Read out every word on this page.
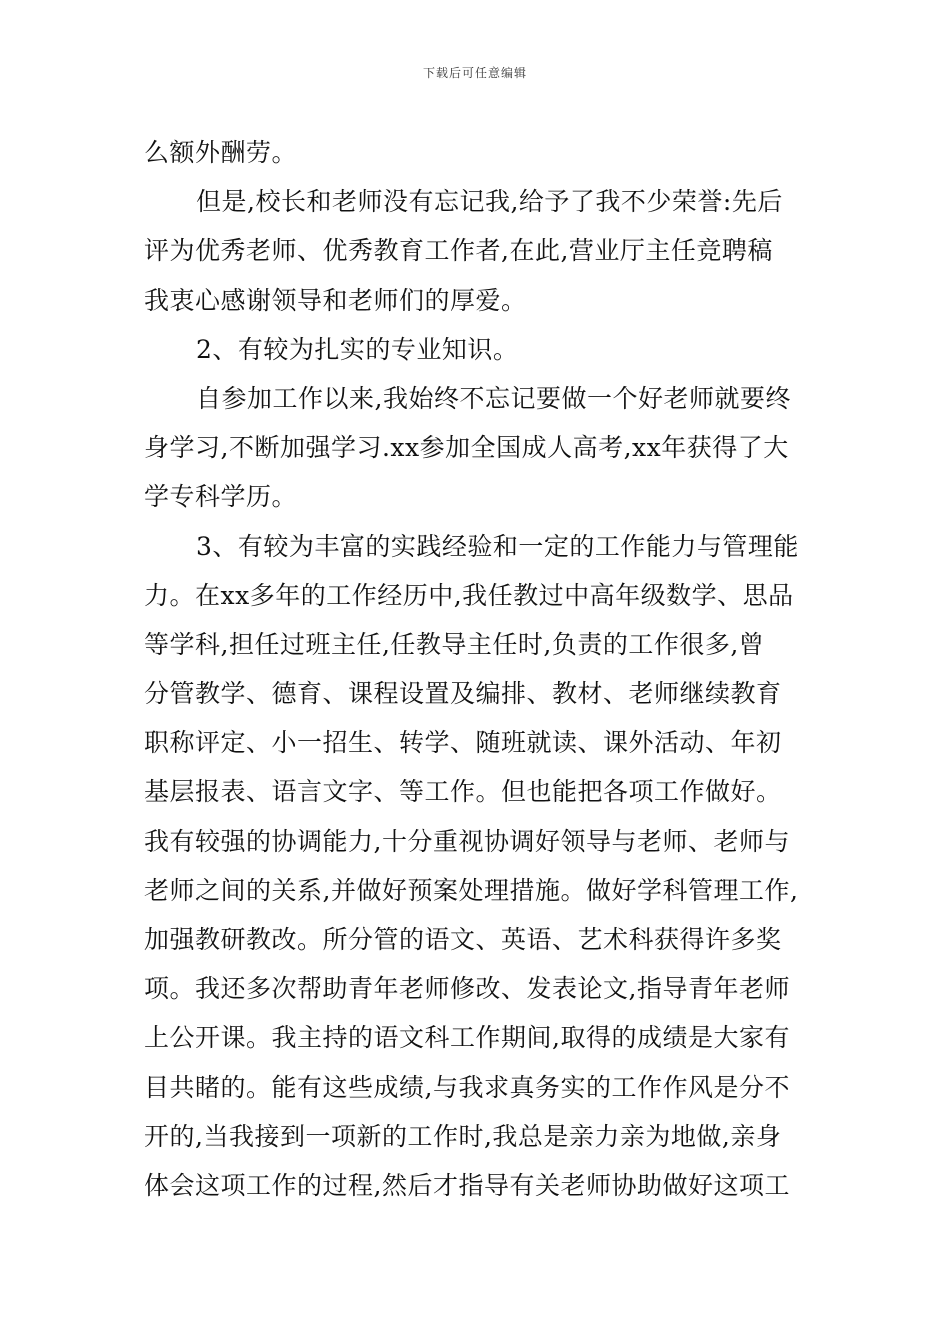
下载后可任意编辑
么额外酬劳。
但是,校长和老师没有忘记我,给予了我不少荣誉:先后
评为优秀老师、优秀教育工作者,在此,营业厅主任竞聘稿
我衷心感谢领导和老师们的厚爱。
2、有较为扎实的专业知识。
自参加工作以来,我始终不忘记要做一个好老师就要终
身学习,不断加强学习.xx参加全国成人高考,xx年获得了大
学专科学历。
3、有较为丰富的实践经验和一定的工作能力与管理能
力。在xx多年的工作经历中,我任教过中高年级数学、思品
等学科,担任过班主任,任教导主任时,负责的工作很多,曾
分管教学、德育、课程设置及编排、教材、老师继续教育
职称评定、小一招生、转学、随班就读、课外活动、年初
基层报表、语言文字、等工作。但也能把各项工作做好。
我有较强的协调能力,十分重视协调好领导与老师、老师与
老师之间的关系,并做好预案处理措施。做好学科管理工作,
加强教研教改。所分管的语文、英语、艺术科获得许多奖
项。我还多次帮助青年老师修改、发表论文,指导青年老师
上公开课。我主持的语文科工作期间,取得的成绩是大家有
目共睹的。能有这些成绩,与我求真务实的工作作风是分不
开的,当我接到一项新的工作时,我总是亲力亲为地做,亲身
体会这项工作的过程,然后才指导有关老师协助做好这项工
